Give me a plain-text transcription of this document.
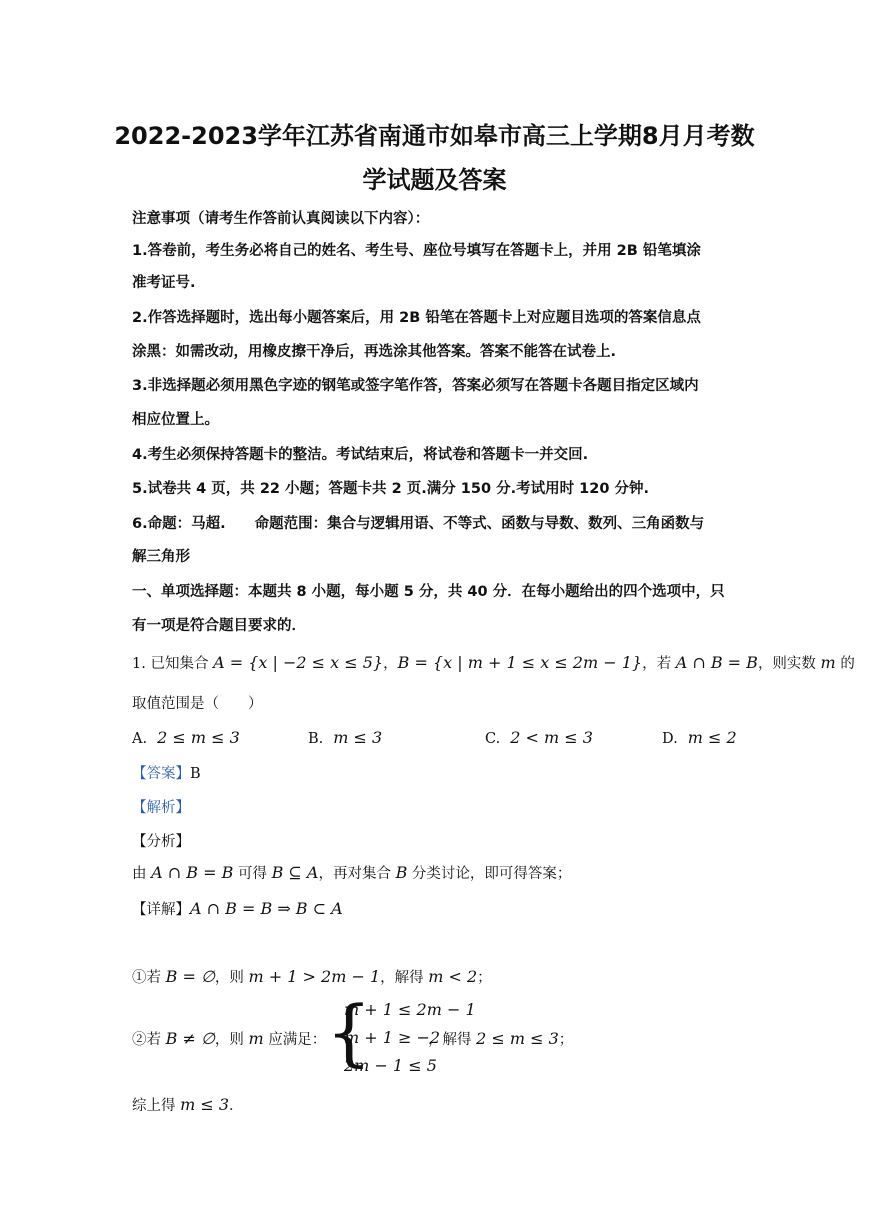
2022-2023学年江苏省南通市如皋市高三上学期8月月考数
学试题及答案
注意事项（请考生作答前认真阅读以下内容）：
1.答卷前，考生务必将自己的姓名、考生号、座位号填写在答题卡上，并用 2B 铅笔填涂
准考证号.
2.作答选择题时，选出每小题答案后，用 2B 铅笔在答题卡上对应题目选项的答案信息点
涂黑：如需改动，用橡皮擦干净后，再选涂其他答案。答案不能答在试卷上.
3.非选择题必须用黑色字迹的钢笔或签字笔作答，答案必须写在答题卡各题目指定区域内
相应位置上。
4.考生必须保持答题卡的整洁。考试结束后，将试卷和答题卡一并交回.
5.试卷共 4 页，共 22 小题；答题卡共 2 页.满分 150 分.考试用时 120 分钟.
6.命题：马超.　　命题范围：集合与逻辑用语、不等式、函数与导数、数列、三角函数与
解三角形
一、单项选择题：本题共 8 小题，每小题 5 分，共 40 分．在每小题给出的四个选项中，只
有一项是符合题目要求的．
1. 已知集合 A = {x | −2 ≤ x ≤ 5}，B = {x | m + 1 ≤ x ≤ 2m − 1}，若 A ∩ B = B，则实数 m 的
取值范围是（　　）
A. 2 ≤ m ≤ 3	B. m ≤ 3	C. 2 < m ≤ 3	D. m ≤ 2
【答案】B
【解析】
【分析】
由 A ∩ B = B 可得 B ⊆ A，再对集合 B 分类讨论，即可得答案；
【详解】A ∩ B = B ⇒ B ⊂ A
①若 B = ∅，则 m + 1 > 2m − 1，解得 m < 2；
②若 B ≠ ∅，则 m 应满足： {
m + 1 ≤ 2m − 1
m + 1 ≥ −2
2m − 1 ≤ 5
，解得 2 ≤ m ≤ 3；
综上得 m ≤ 3．
